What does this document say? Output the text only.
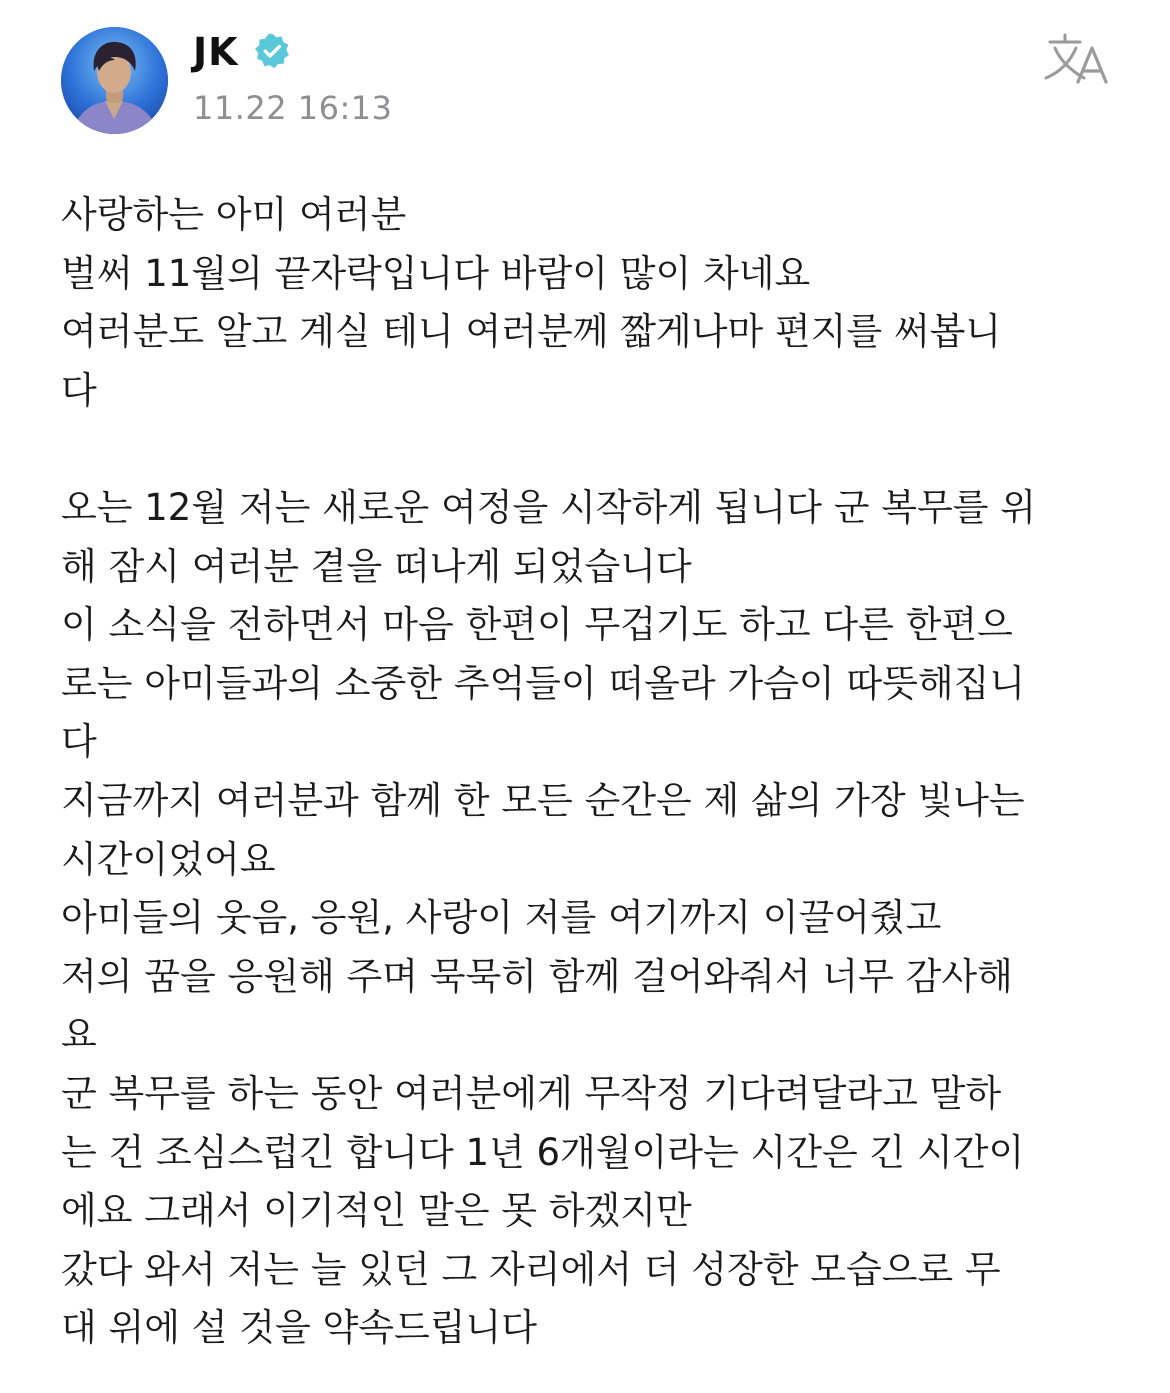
JK
11.22 16:13
사랑하는 아미 여러분
벌써 11월의 끝자락입니다 바람이 많이 차네요
여러분도 알고 계실 테니 여러분께 짧게나마 편지를 써봅니
다
오는 12월 저는 새로운 여정을 시작하게 됩니다 군 복무를 위
해 잠시 여러분 곁을 떠나게 되었습니다
이 소식을 전하면서 마음 한편이 무겁기도 하고 다른 한편으
로는 아미들과의 소중한 추억들이 떠올라 가슴이 따뜻해집니
다
지금까지 여러분과 함께 한 모든 순간은 제 삶의 가장 빛나는
시간이었어요
아미들의 웃음, 응원, 사랑이 저를 여기까지 이끌어줬고
저의 꿈을 응원해 주며 묵묵히 함께 걸어와줘서 너무 감사해
요
군 복무를 하는 동안 여러분에게 무작정 기다려달라고 말하
는 건 조심스럽긴 합니다 1년 6개월이라는 시간은 긴 시간이
에요 그래서 이기적인 말은 못 하겠지만
갔다 와서 저는 늘 있던 그 자리에서 더 성장한 모습으로 무
대 위에 설 것을 약속드립니다
